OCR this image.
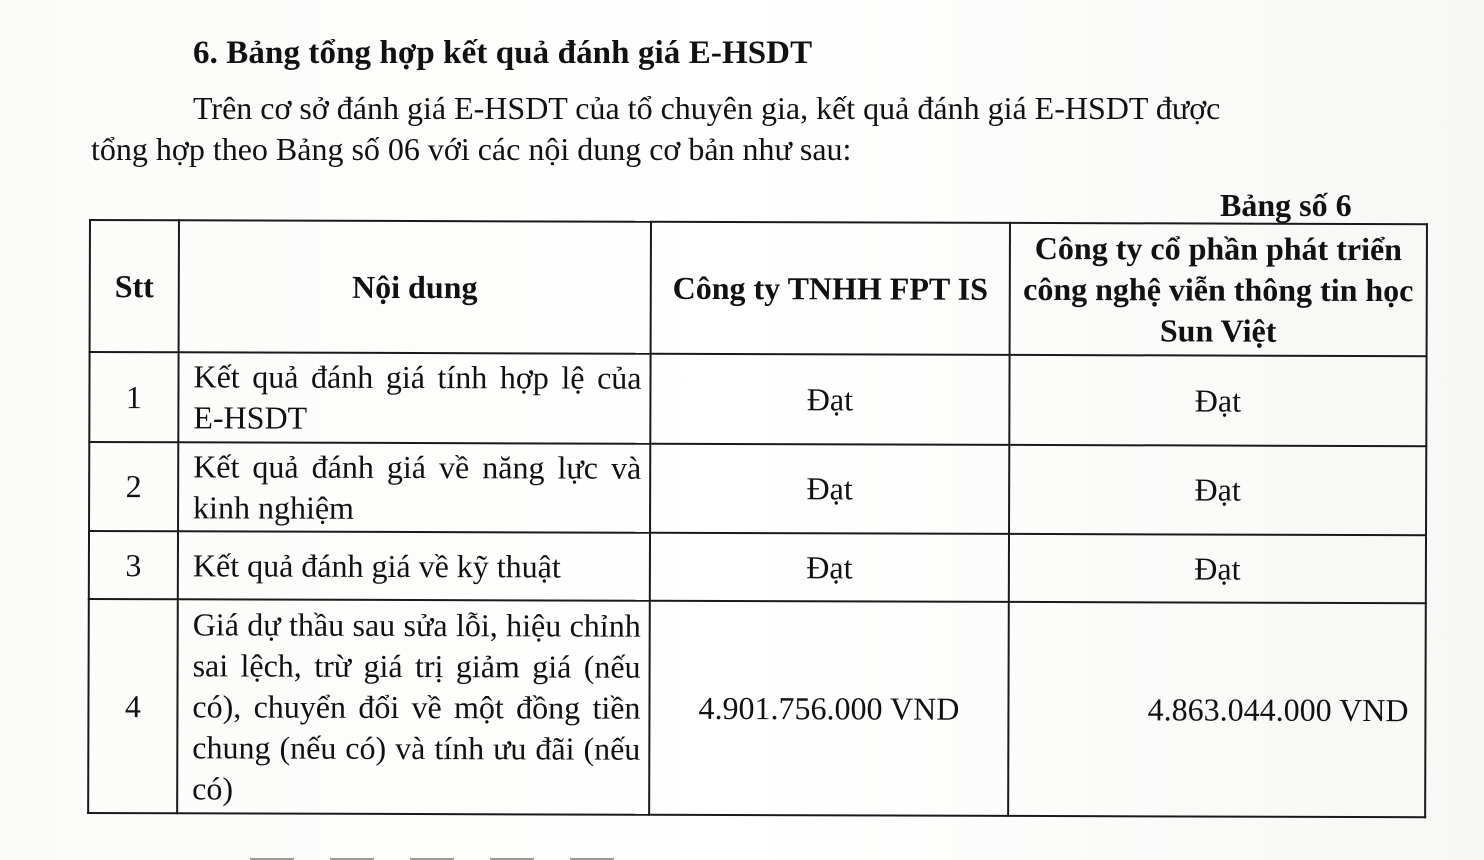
6. Bảng tổng hợp kết quả đánh giá E-HSDT
Trên cơ sở đánh giá E-HSDT của tổ chuyên gia, kết quả đánh giá E-HSDT được
tổng hợp theo Bảng số 06 với các nội dung cơ bản như sau:
Bảng số 6
Stt	Nội dung	Công ty TNHH FPT IS	Công ty cổ phần phát triển công nghệ viễn thông tin học Sun Việt
1	Kết quả đánh giá tính hợp lệ của E-HSDT	Đạt	Đạt
2	Kết quả đánh giá về năng lực và kinh nghiệm	Đạt	Đạt
3	Kết quả đánh giá về kỹ thuật	Đạt	Đạt
4	Giá dự thầu sau sửa lỗi, hiệu chỉnh sai lệch, trừ giá trị giảm giá (nếu có), chuyển đổi về một đồng tiền chung (nếu có) và tính ưu đãi (nếu có)	4.901.756.000 VND	4.863.044.000 VND
